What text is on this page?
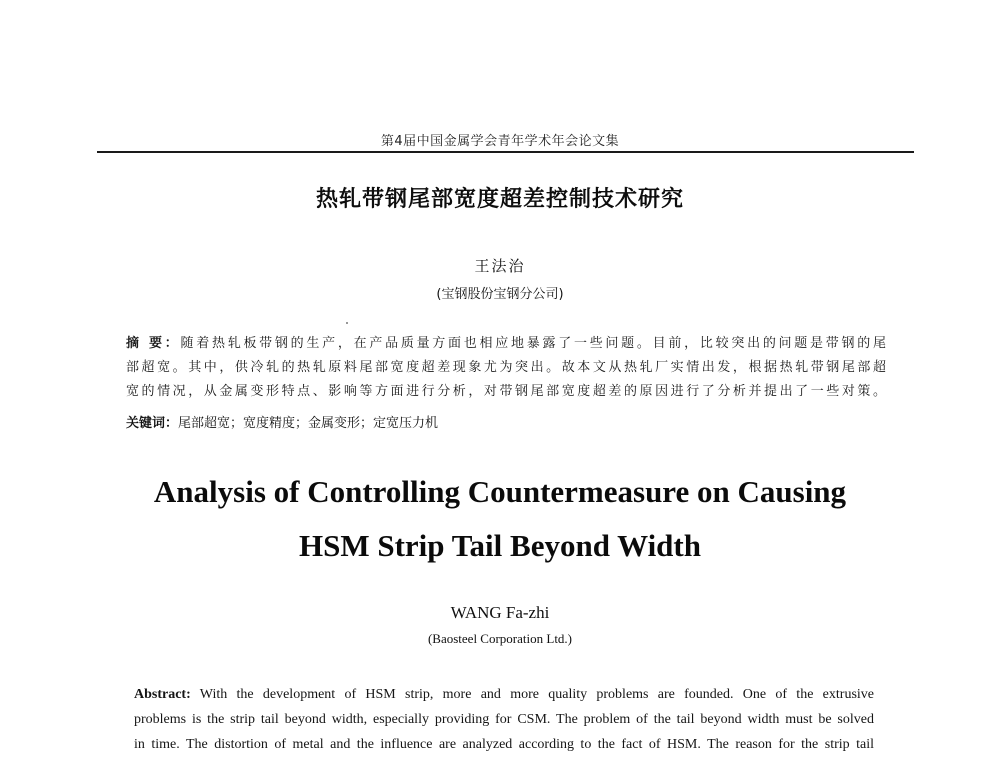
第4届中国金属学会青年学术年会论文集
热轧带钢尾部宽度超差控制技术研究
王法治
(宝钢股份宝钢分公司)
摘 要：随着热轧板带钢的生产，在产品质量方面也相应地暴露了一些问题。目前，比较突出的问题是带钢的尾
部超宽。其中，供冷轧的热轧原料尾部宽度超差现象尤为突出。故本文从热轧厂实情出发，根据热轧带钢尾部超
宽的情况，从金属变形特点、影响等方面进行分析，对带钢尾部宽度超差的原因进行了分析并提出了一些对策。
关键词：尾部超宽；宽度精度；金属变形；定宽压力机
Analysis of Controlling Countermeasure on Causing
HSM Strip Tail Beyond Width
WANG Fa-zhi
(Baosteel Corporation Ltd.)
Abstract: With the development of HSM strip, more and more quality problems are founded. One of the extrusive
problems is the strip tail beyond width, especially providing for CSM. The problem of the tail beyond width must be solved
in time. The distortion of metal and the influence are analyzed according to the fact of HSM. The reason for the strip tail
